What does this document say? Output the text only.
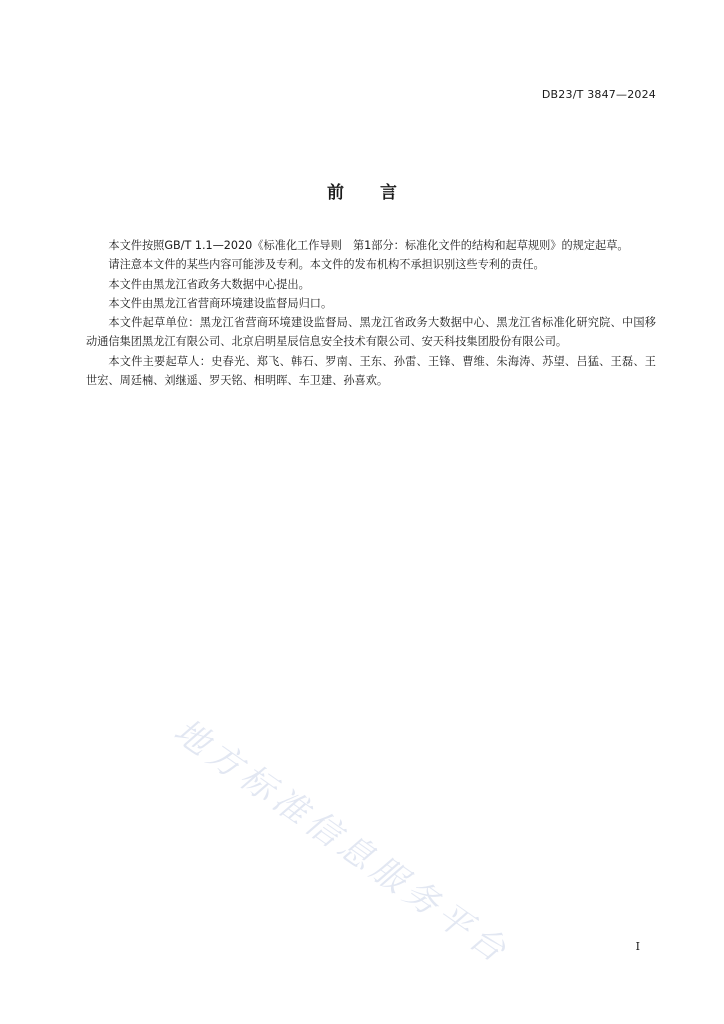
DB23/T 3847—2024
前言

本文件按照GB/T 1.1—2020《标准化工作导则　第1部分：标准化文件的结构和起草规则》的规定起草。

请注意本文件的某些内容可能涉及专利。本文件的发布机构不承担识别这些专利的责任。

本文件由黑龙江省政务大数据中心提出。

本文件由黑龙江省营商环境建设监督局归口。

本文件起草单位：黑龙江省营商环境建设监督局、黑龙江省政务大数据中心、黑龙江省标准化研究院、中国移动通信集团黑龙江有限公司、北京启明星辰信息安全技术有限公司、安天科技集团股份有限公司。

本文件主要起草人：史春光、郑飞、韩石、罗南、王东、孙雷、王锋、曹维、朱海涛、苏望、吕猛、王磊、王世宏、周廷楠、刘继遥、罗天铭、相明晖、车卫建、孙喜欢。

地方标准信息服务平台	I
